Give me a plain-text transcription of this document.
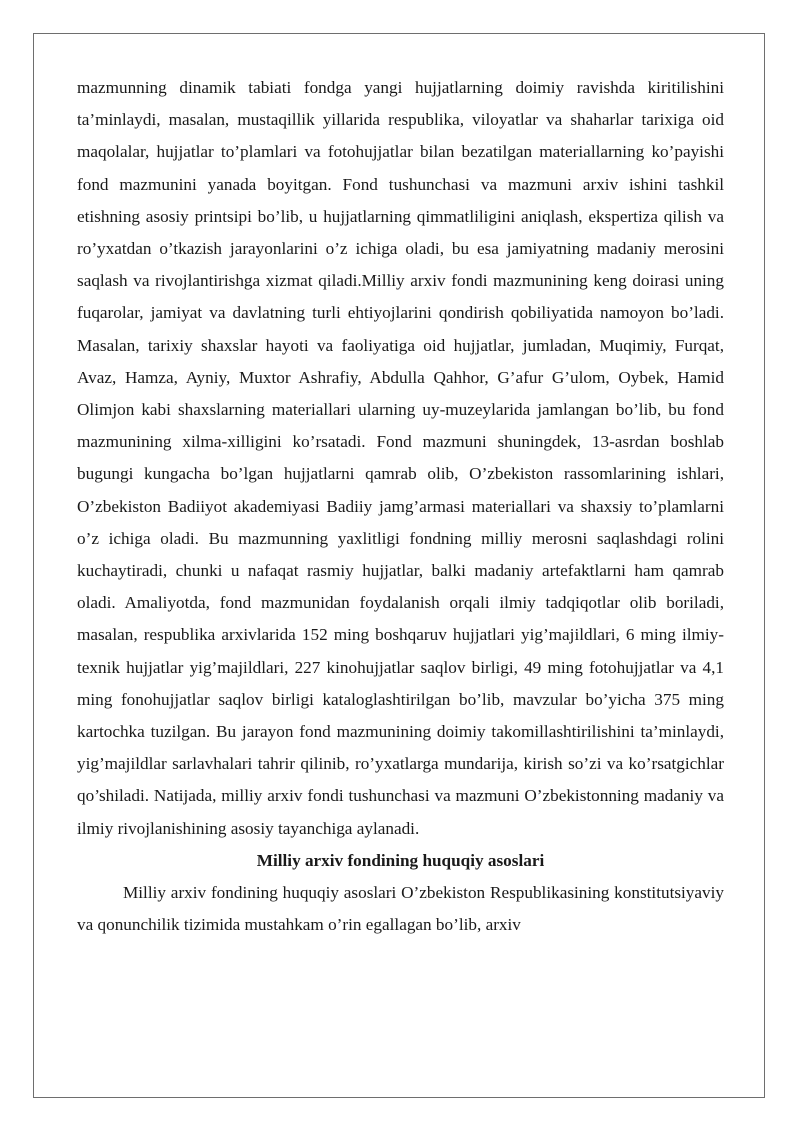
mazmunning dinamik tabiati fondga yangi hujjatlarning doimiy ravishda kiritilishini ta’minlaydi, masalan, mustaqillik yillarida respublika, viloyatlar va shaharlar tarixiga oid maqolalar, hujjatlar to’plamlari va fotohujjatlar bilan bezatilgan materiallarning ko’payishi fond mazmunini yanada boyitgan. Fond tushunchasi va mazmuni arxiv ishini tashkil etishning asosiy printsipi bo’lib, u hujjatlarning qimmatliligini aniqlash, ekspertiza qilish va ro’yxatdan o’tkazish jarayonlarini o’z ichiga oladi, bu esa jamiyatning madaniy merosini saqlash va rivojlantirishga xizmat qiladi.Milliy arxiv fondi mazmunining keng doirasi uning fuqarolar, jamiyat va davlatning turli ehtiyojlarini qondirish qobiliyatida namoyon bo’ladi. Masalan, tarixiy shaxslar hayoti va faoliyatiga oid hujjatlar, jumladan, Muqimiy, Furqat, Avaz, Hamza, Ayniy, Muxtor Ashrafiy, Abdulla Qahhor, G’afur G’ulom, Oybek, Hamid Olimjon kabi shaxslarning materiallari ularning uy-muzeylarida jamlangan bo’lib, bu fond mazmunining xilma-xilligini ko’rsatadi. Fond mazmuni shuningdek, 13-asrdan boshlab bugungi kungacha bo’lgan hujjatlarni qamrab olib, O’zbekiston rassomlarining ishlari, O’zbekiston Badiiyot akademiyasi Badiiy jamg’armasi materiallari va shaxsiy to’plamlarni o’z ichiga oladi. Bu mazmunning yaxlitligi fondning milliy merosni saqlashdagi rolini kuchaytiradi, chunki u nafaqat rasmiy hujjatlar, balki madaniy artefaktlarni ham qamrab oladi. Amaliyotda, fond mazmunidan foydalanish orqali ilmiy tadqiqotlar olib boriladi, masalan, respublika arxivlarida 152 ming boshqaruv hujjatlari yig’majildlari, 6 ming ilmiy-texnik hujjatlar yig’majildlari, 227 kinohujjatlar saqlov birligi, 49 ming fotohujjatlar va 4,1 ming fonohujjatlar saqlov birligi kataloglashtirilgan bo’lib, mavzular bo’yicha 375 ming kartochka tuzilgan. Bu jarayon fond mazmunining doimiy takomillashtirilishini ta’minlaydi, yig’majildlar sarlavhalari tahrir qilinib, ro’yxatlarga mundarija, kirish so’zi va ko’rsatgichlar qo’shiladi. Natijada, milliy arxiv fondi tushunchasi va mazmuni O’zbekistonning madaniy va ilmiy rivojlanishining asosiy tayanchiga aylanadi.

Milliy arxiv fondining huquqiy asoslari

Milliy arxiv fondining huquqiy asoslari O’zbekiston Respublikasining konstitutsiyaviy va qonunchilik tizimida mustahkam o’rin egallagan bo’lib, arxiv
